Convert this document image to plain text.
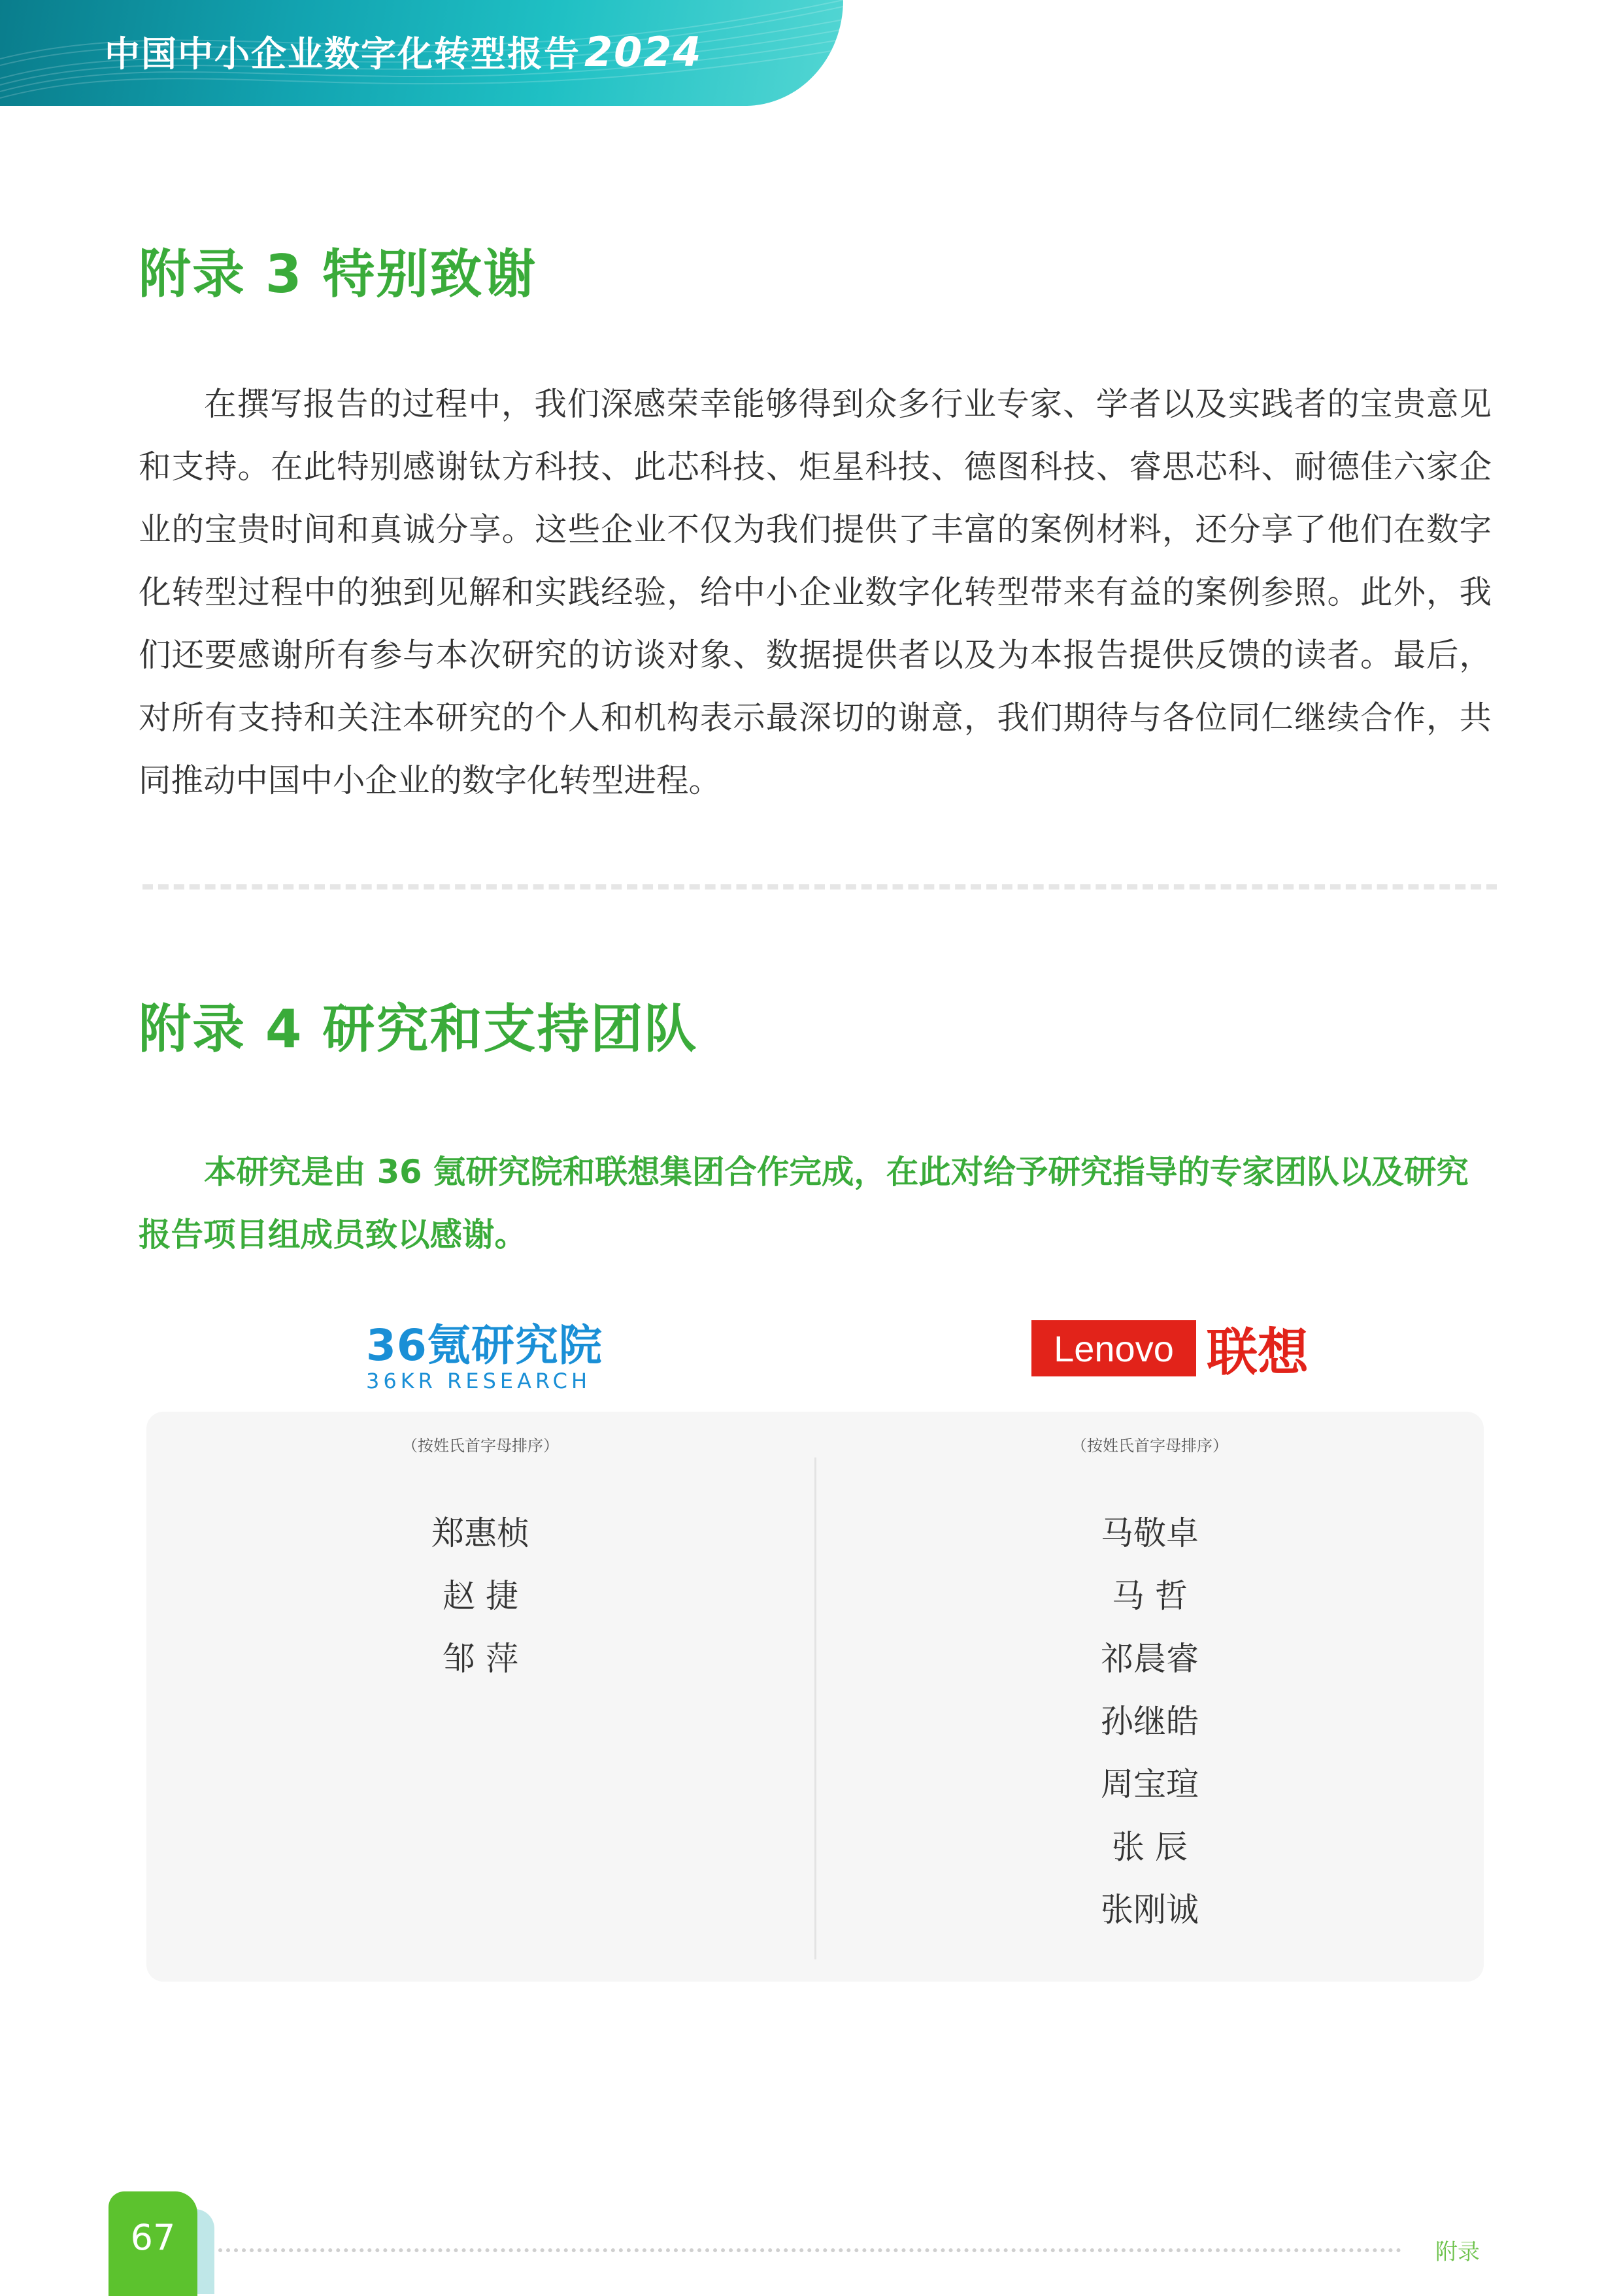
中国中小企业数字化转型报告2024
附录 3 特别致谢

在撰写报告的过程中，我们深感荣幸能够得到众多行业专家、学者以及实践者的宝贵意见和支持。在此特别感谢钛方科技、此芯科技、炬星科技、德图科技、睿思芯科、耐德佳六家企业的宝贵时间和真诚分享。这些企业不仅为我们提供了丰富的案例材料，还分享了他们在数字化转型过程中的独到见解和实践经验，给中小企业数字化转型带来有益的案例参照。此外，我们还要感谢所有参与本次研究的访谈对象、数据提供者以及为本报告提供反馈的读者。最后，对所有支持和关注本研究的个人和机构表示最深切的谢意，我们期待与各位同仁继续合作，共同推动中国中小企业的数字化转型进程。

附录 4 研究和支持团队

本研究是由 36 氪研究院和联想集团合作完成，在此对给予研究指导的专家团队以及研究报告项目组成员致以感谢。

36氪研究院
36KR RESEARCH
Lenovo 联想
（按姓氏首字母排序）
郑惠桢
赵 捷
邹 萍
（按姓氏首字母排序）
马敬卓
马 哲
祁晨睿
孙继皓
周宝瑄
张 辰
张刚诚
67	附录
